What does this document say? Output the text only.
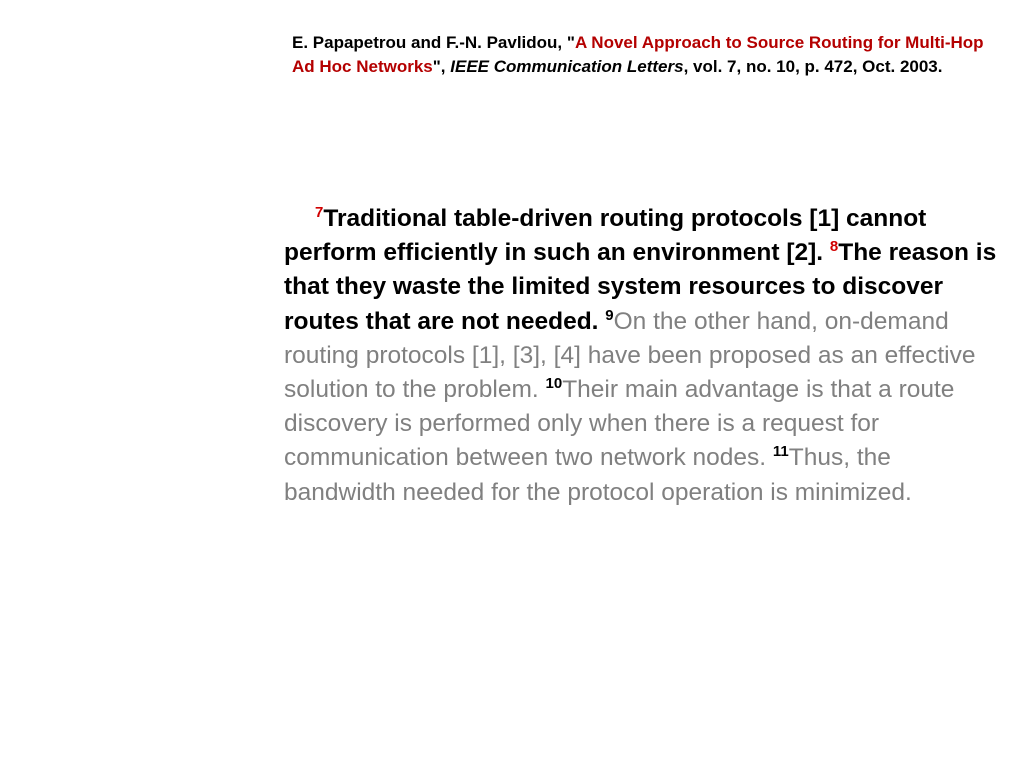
E. Papapetrou and F.-N. Pavlidou, "A Novel Approach to Source Routing for Multi-Hop Ad Hoc Networks", IEEE Communication Letters, vol. 7, no. 10, p. 472, Oct. 2003.
$^7$Traditional table-driven routing protocols [1] cannot perform efficiently in such an environment [2]. $^8$The reason is that they waste the limited system resources to discover routes that are not needed. $^9$On the other hand, on-demand routing protocols [1], [3], [4] have been proposed as an effective solution to the problem. $^{10}$Their main advantage is that a route discovery is performed only when there is a request for communication between two network nodes. $^{11}$Thus, the bandwidth needed for the protocol operation is minimized.
